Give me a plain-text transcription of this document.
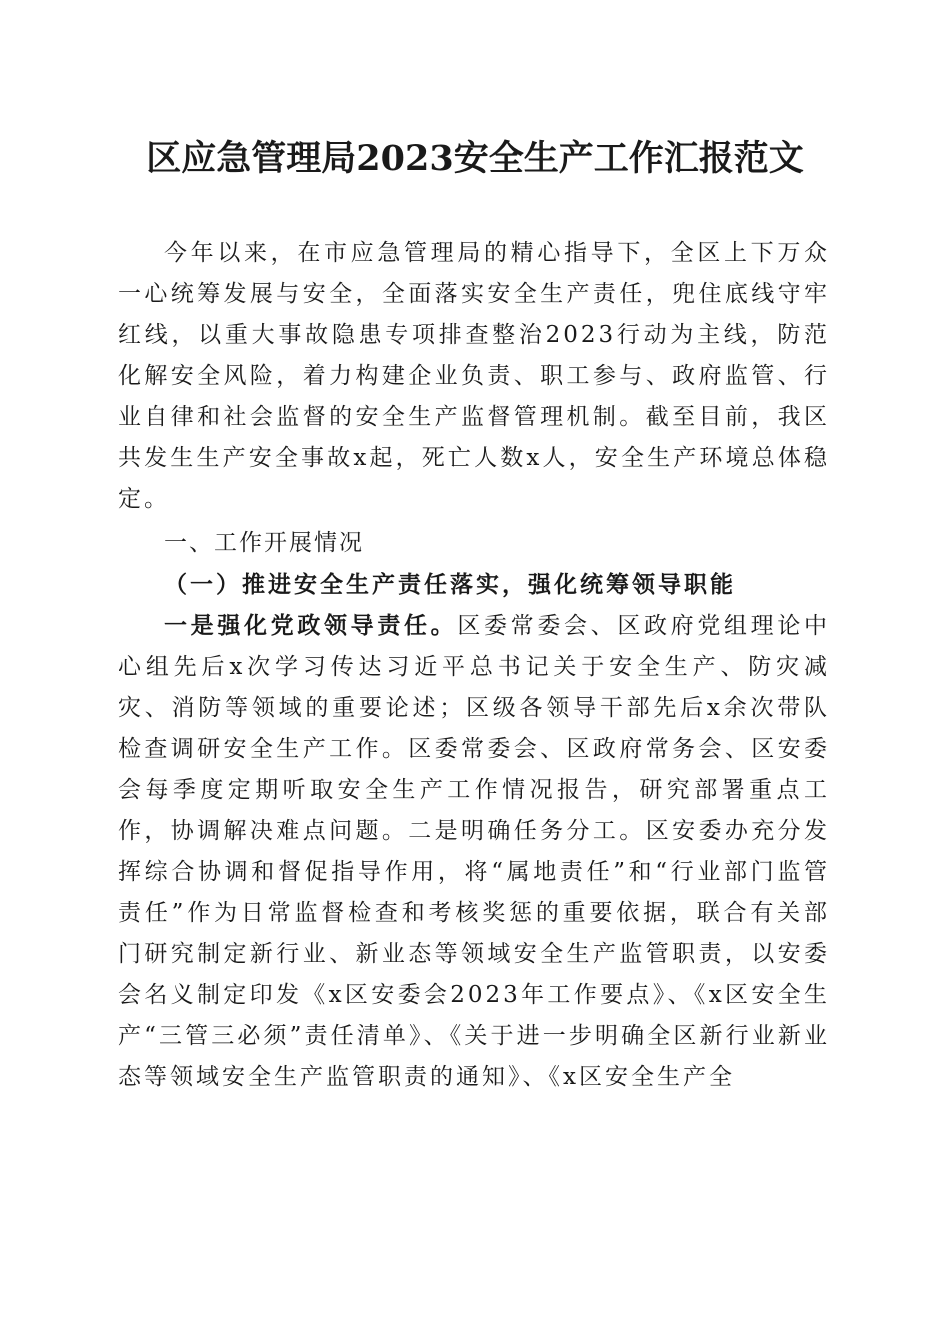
区应急管理局2023安全生产工作汇报范文

今年以来，在市应急管理局的精心指导下，全区上下万众一心统筹发展与安全，全面落实安全生产责任，兜住底线守牢红线，以重大事故隐患专项排查整治2023行动为主线，防范化解安全风险，着力构建企业负责、职工参与、政府监管、行业自律和社会监督的安全生产监督管理机制。截至目前，我区共发生生产安全事故x起，死亡人数x人，安全生产环境总体稳定。

一、工作开展情况

（一）推进安全生产责任落实，强化统筹领导职能

一是强化党政领导责任。区委常委会、区政府党组理论中心组先后x次学习传达习近平总书记关于安全生产、防灾减灾、消防等领域的重要论述；区级各领导干部先后x余次带队检查调研安全生产工作。区委常委会、区政府常务会、区安委会每季度定期听取安全生产工作情况报告，研究部署重点工作，协调解决难点问题。二是明确任务分工。区安委办充分发挥综合协调和督促指导作用，将“属地责任”和“行业部门监管责任”作为日常监督检查和考核奖惩的重要依据，联合有关部门研究制定新行业、新业态等领域安全生产监管职责，以安委会名义制定印发《x区安委会2023年工作要点》、《x区安全生产“三管三必须”责任清单》、《关于进一步明确全区新行业新业态等领域安全生产监管职责的通知》、《x区安全生产全
